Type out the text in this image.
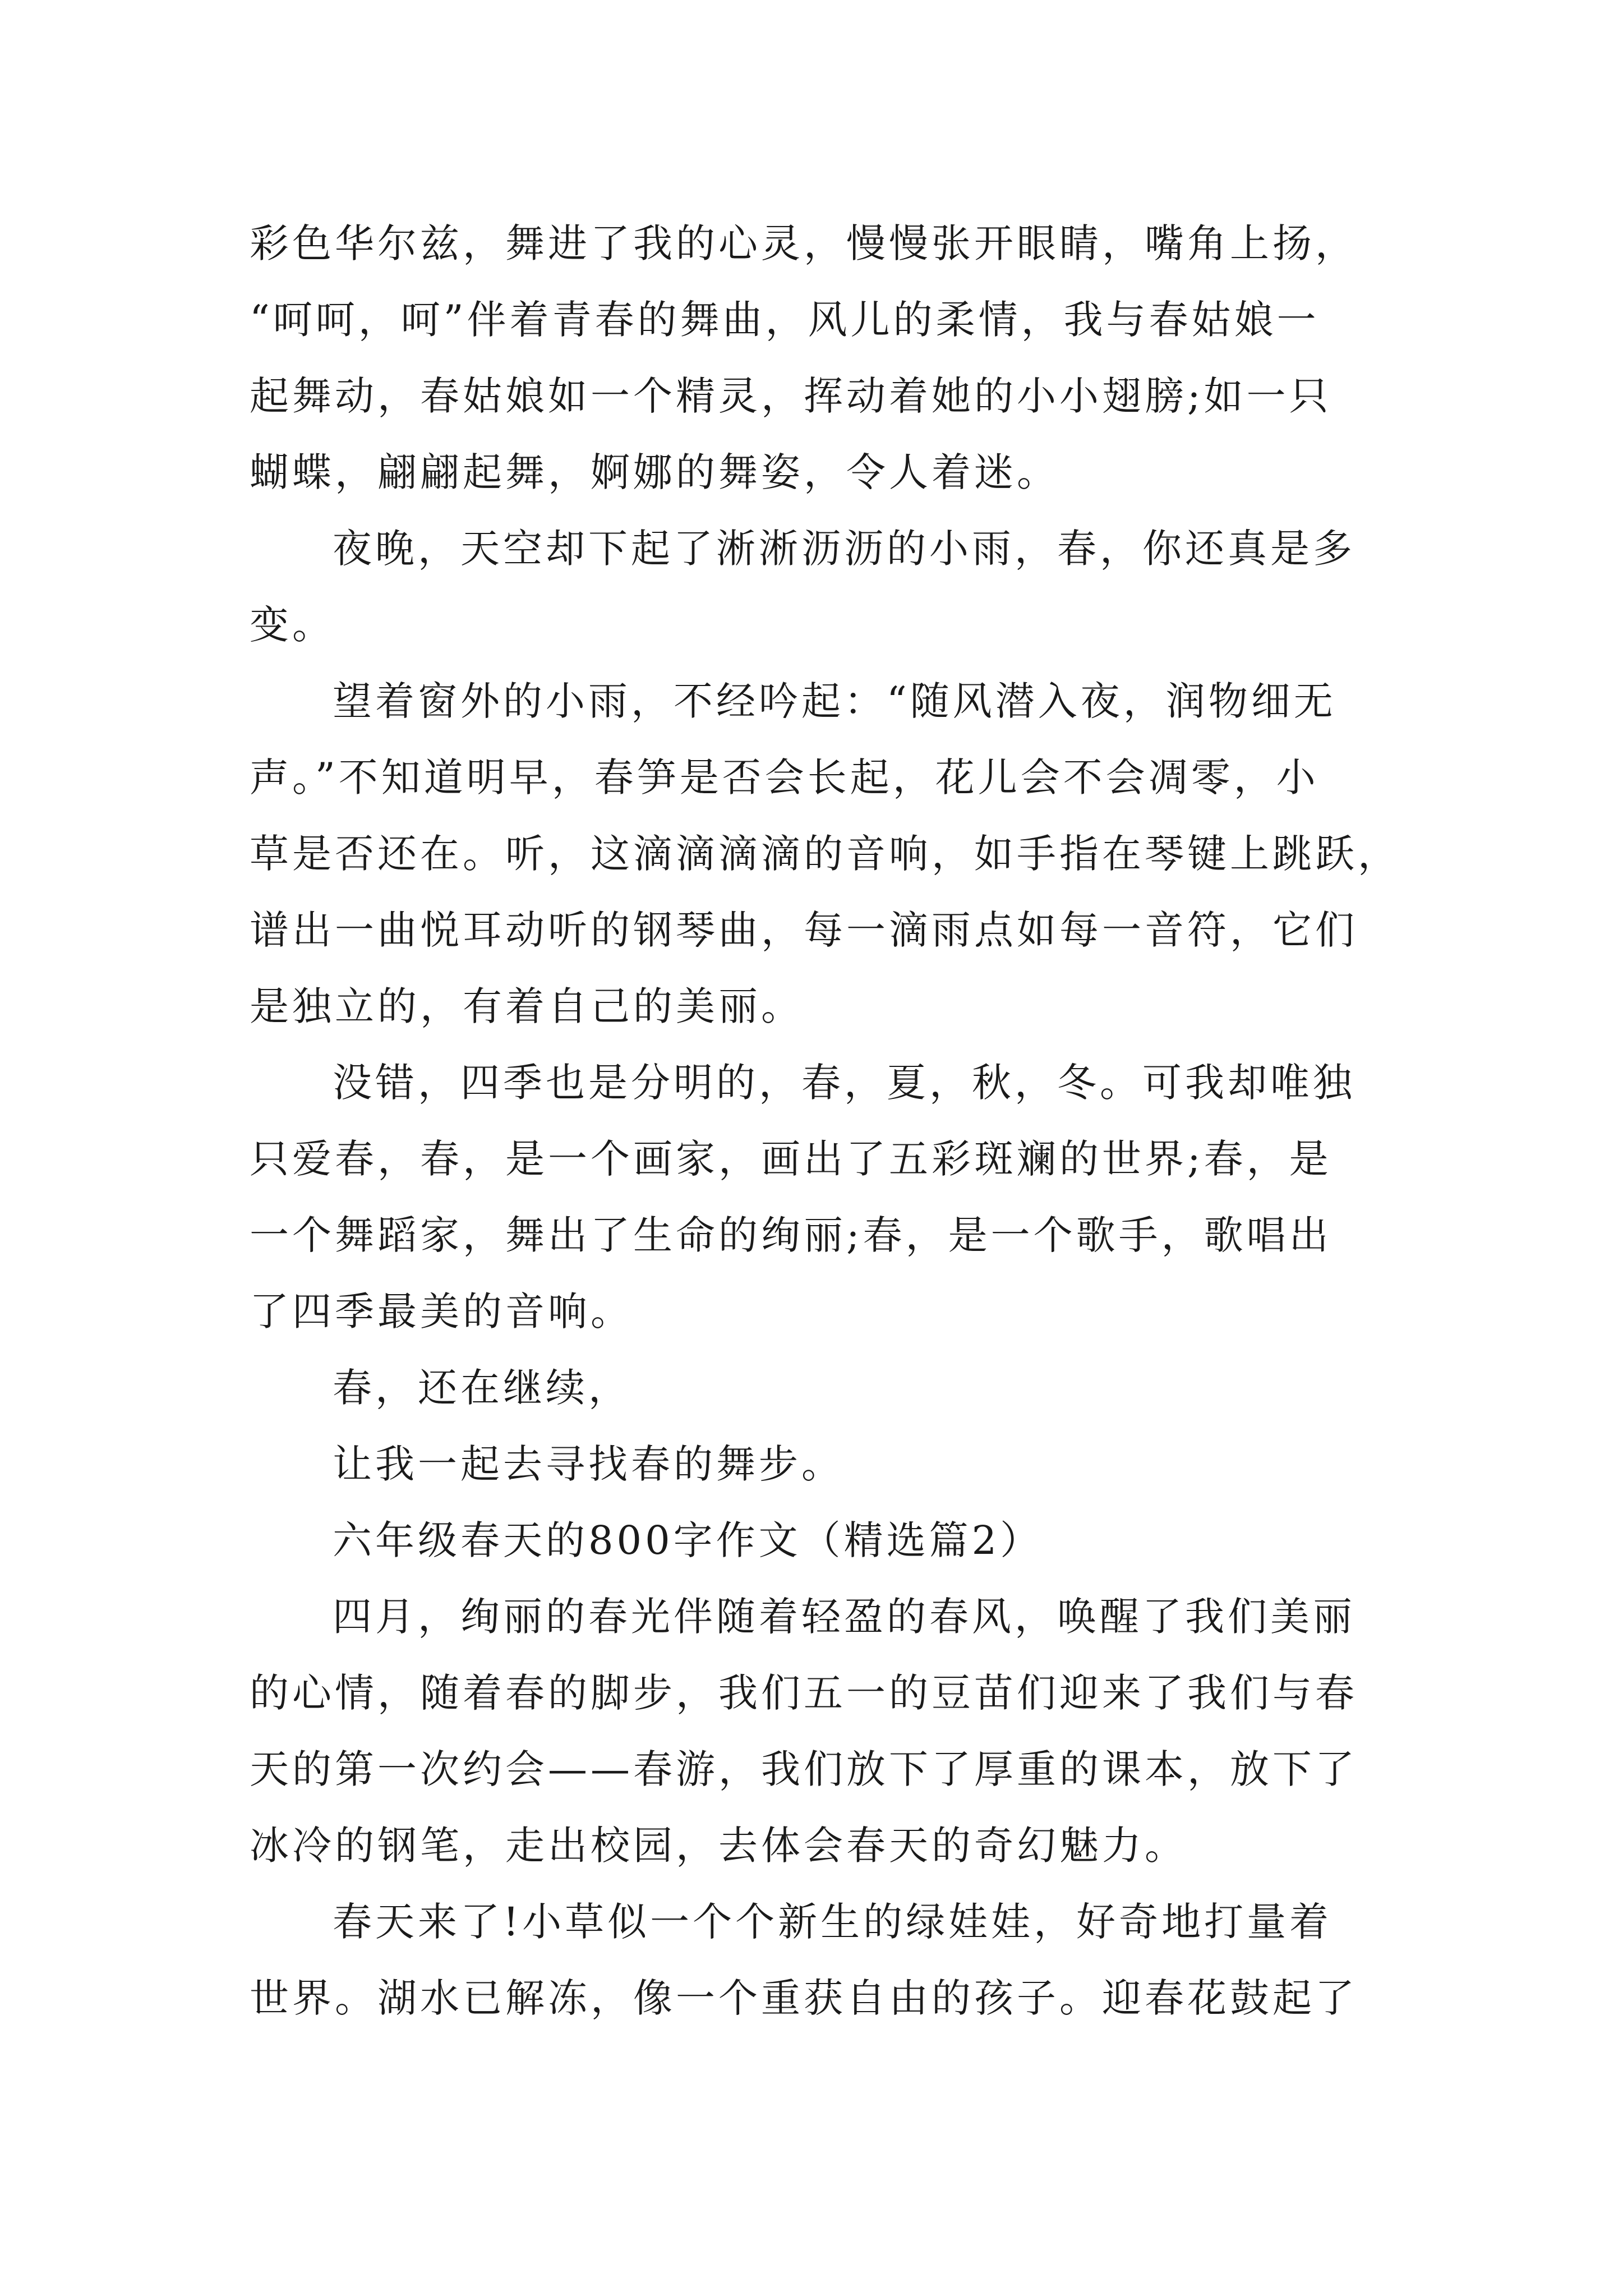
彩色华尔兹，舞进了我的心灵，慢慢张开眼睛，嘴角上扬，
“呵呵，呵”伴着青春的舞曲，风儿的柔情，我与春姑娘一
起舞动，春姑娘如一个精灵，挥动着她的小小翅膀;如一只
蝴蝶，翩翩起舞，婀娜的舞姿，令人着迷。
夜晚，天空却下起了淅淅沥沥的小雨，春，你还真是多
变。
望着窗外的小雨，不经吟起：“随风潜入夜，润物细无
声。”不知道明早，春笋是否会长起，花儿会不会凋零，小
草是否还在。听，这滴滴滴滴的音响，如手指在琴键上跳跃，
谱出一曲悦耳动听的钢琴曲，每一滴雨点如每一音符，它们
是独立的，有着自己的美丽。
没错，四季也是分明的，春，夏，秋，冬。可我却唯独
只爱春，春，是一个画家，画出了五彩斑斓的世界;春，是
一个舞蹈家，舞出了生命的绚丽;春，是一个歌手，歌唱出
了四季最美的音响。
春，还在继续，
让我一起去寻找春的舞步。
六年级春天的800字作文（精选篇2）
四月，绚丽的春光伴随着轻盈的春风，唤醒了我们美丽
的心情，随着春的脚步，我们五一的豆苗们迎来了我们与春
天的第一次约会——春游，我们放下了厚重的课本，放下了
冰冷的钢笔，走出校园，去体会春天的奇幻魅力。
春天来了!小草似一个个新生的绿娃娃，好奇地打量着
世界。湖水已解冻，像一个重获自由的孩子。迎春花鼓起了
